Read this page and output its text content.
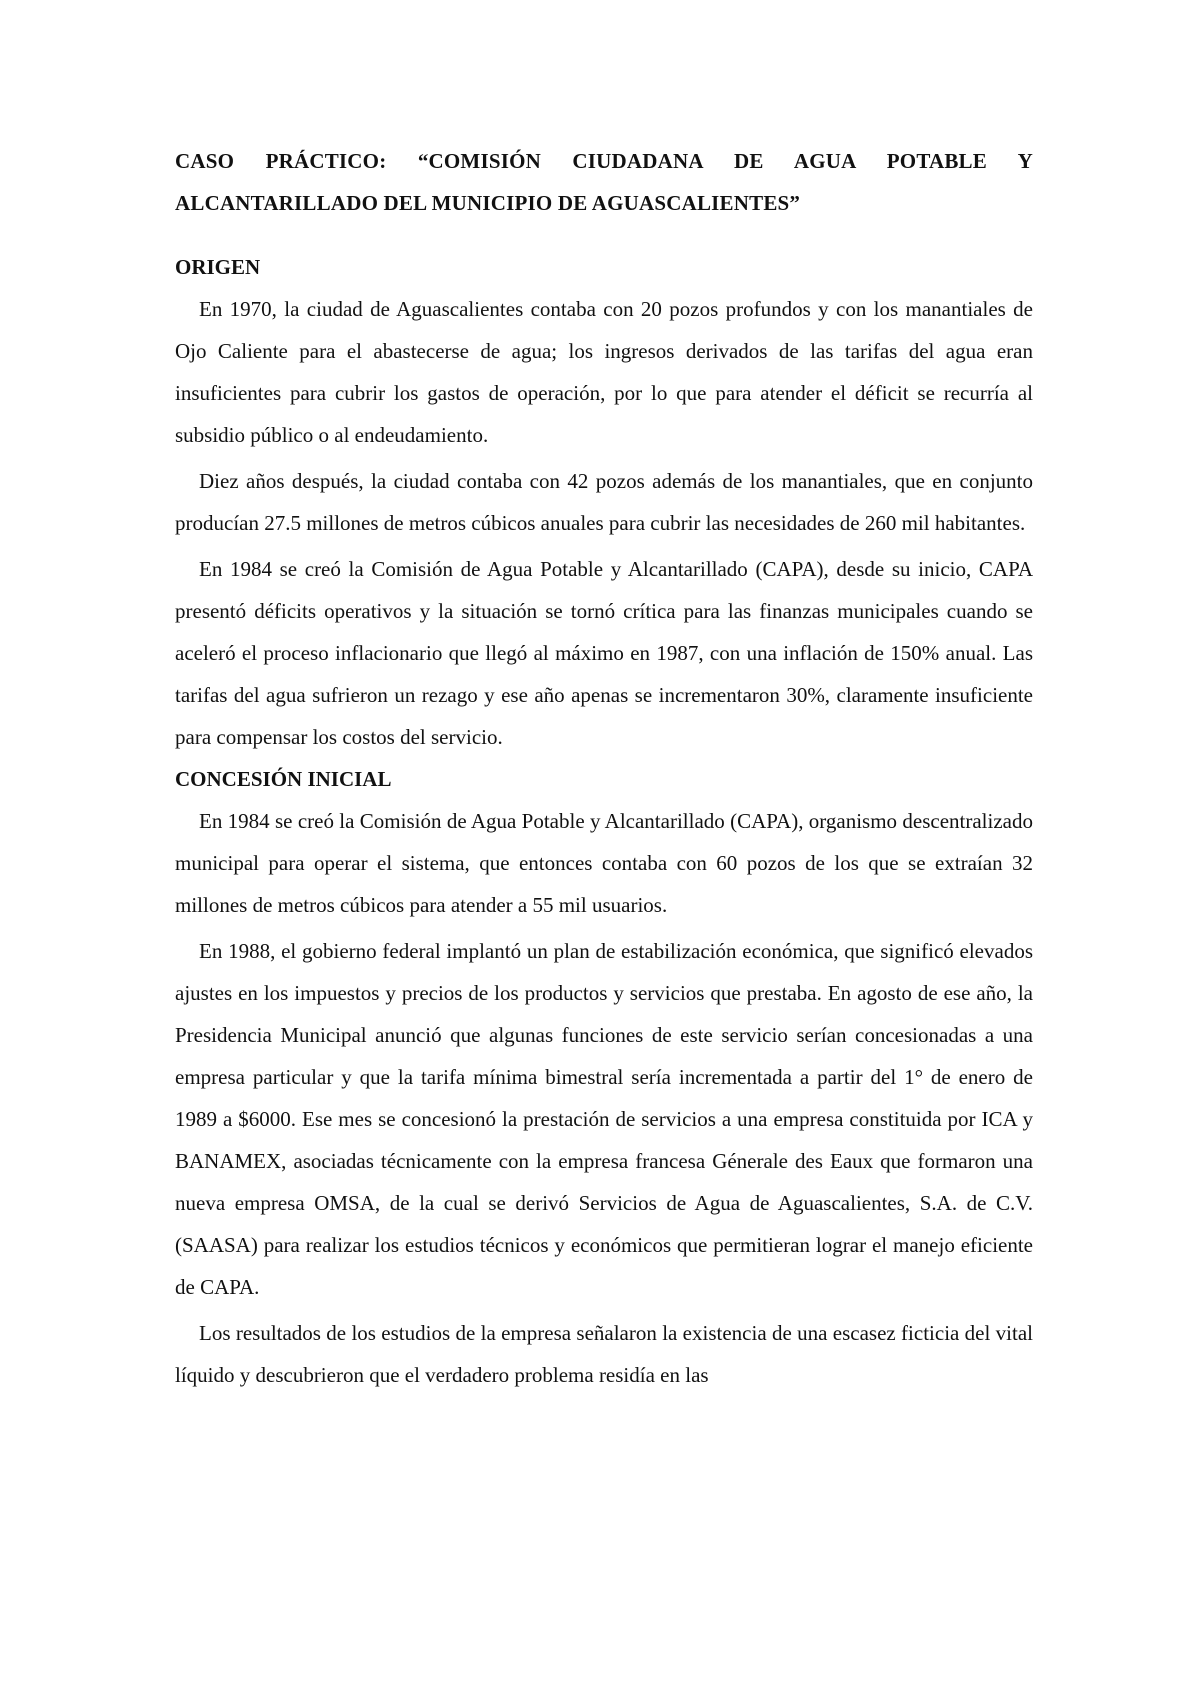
CASO PRÁCTICO: “COMISIÓN CIUDADANA DE AGUA POTABLE Y
ALCANTARILLADO DEL MUNICIPIO DE AGUASCALIENTES”
ORIGEN

En 1970, la ciudad de Aguascalientes contaba con 20 pozos profundos y con los manantiales de Ojo Caliente para el abastecerse de agua; los ingresos derivados de las tarifas del agua eran insuficientes para cubrir los gastos de operación, por lo que para atender el déficit se recurría al subsidio público o al endeudamiento.

Diez años después, la ciudad contaba con 42 pozos además de los manantiales, que en conjunto producían 27.5 millones de metros cúbicos anuales para cubrir las necesidades de 260 mil habitantes.

En 1984 se creó la Comisión de Agua Potable y Alcantarillado (CAPA), desde su inicio, CAPA presentó déficits operativos y la situación se tornó crítica para las finanzas municipales cuando se aceleró el proceso inflacionario que llegó al máximo en 1987, con una inflación de 150% anual. Las tarifas del agua sufrieron un rezago y ese año apenas se incrementaron 30%, claramente insuficiente para compensar los costos del servicio.

CONCESIÓN INICIAL

En 1984 se creó la Comisión de Agua Potable y Alcantarillado (CAPA), organismo descentralizado municipal para operar el sistema, que entonces contaba con 60 pozos de los que se extraían 32 millones de metros cúbicos para atender a 55 mil usuarios.

En 1988, el gobierno federal implantó un plan de estabilización económica, que significó elevados ajustes en los impuestos y precios de los productos y servicios que prestaba. En agosto de ese año, la Presidencia Municipal anunció que algunas funciones de este servicio serían concesionadas a una empresa particular y que la tarifa mínima bimestral sería incrementada a partir del 1° de enero de 1989 a $6000. Ese mes se concesionó la prestación de servicios a una empresa constituida por ICA y BANAMEX, asociadas técnicamente con la empresa francesa Génerale des Eaux que formaron una nueva empresa OMSA, de la cual se derivó Servicios de Agua de Aguascalientes, S.A. de C.V. (SAASA) para realizar los estudios técnicos y económicos que permitieran lograr el manejo eficiente de CAPA.

Los resultados de los estudios de la empresa señalaron la existencia de una escasez ficticia del vital líquido y descubrieron que el verdadero problema residía en las
